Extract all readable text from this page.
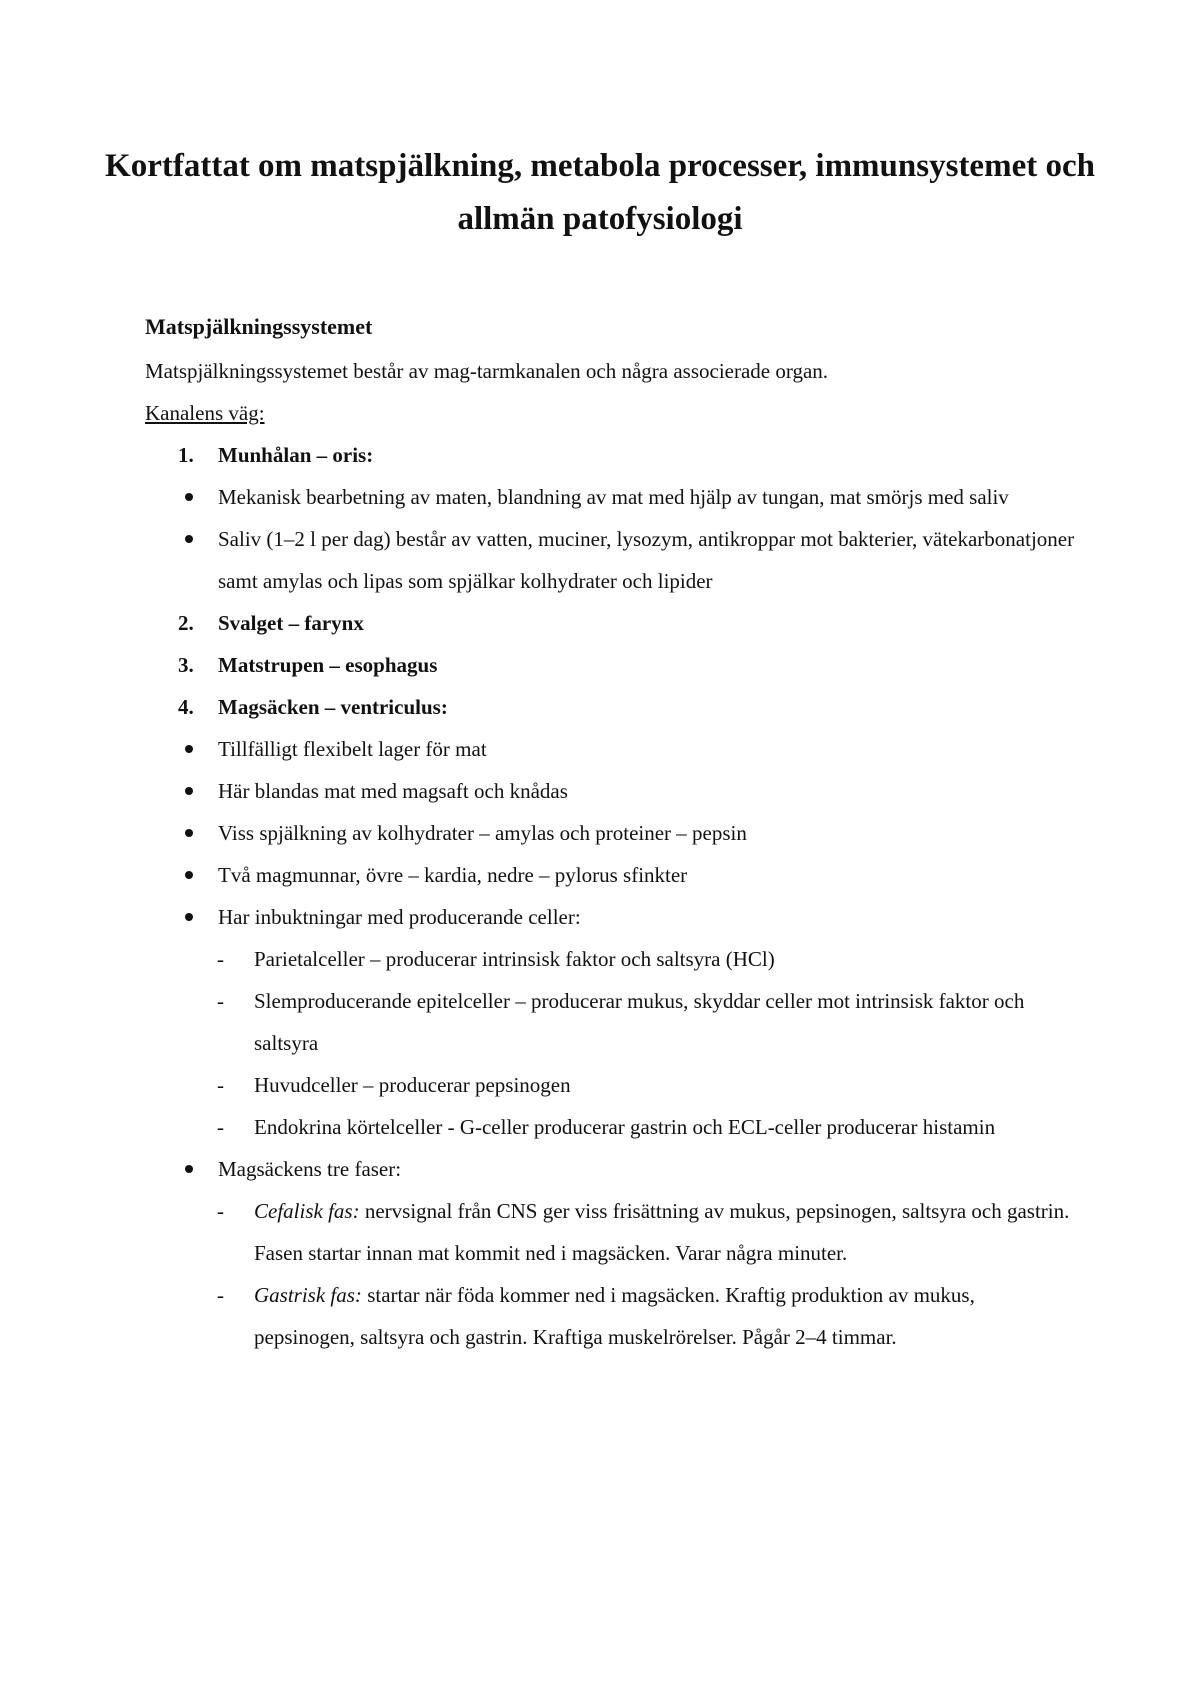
Kortfattat om matspjälkning, metabola processer, immunsystemet och
allmän patofysiologi

Matspjälkningssystemet

Matspjälkningssystemet består av mag-tarmkanalen och några associerade organ.

Kanalens väg:

1. Munhålan – oris:
Mekanisk bearbetning av maten, blandning av mat med hjälp av tungan, mat smörjs med saliv
Saliv (1–2 l per dag) består av vatten, muciner, lysozym, antikroppar mot bakterier, vätekarbonatjoner samt amylas och lipas som spjälkar kolhydrater och lipider
2. Svalget – farynx
3. Matstrupen – esophagus
4. Magsäcken – ventriculus:
Tillfälligt flexibelt lager för mat
Här blandas mat med magsaft och knådas
Viss spjälkning av kolhydrater – amylas och proteiner – pepsin
Två magmunnar, övre – kardia, nedre – pylorus sfinkter
Har inbuktningar med producerande celler:
- Parietalceller – producerar intrinsisk faktor och saltsyra (HCl)
- Slemproducerande epitelceller – producerar mukus, skyddar celler mot intrinsisk faktor och saltsyra
- Huvudceller – producerar pepsinogen
- Endokrina körtelceller - G-celler producerar gastrin och ECL-celler producerar histamin
Magsäckens tre faser:
- Cefalisk fas: nervsignal från CNS ger viss frisättning av mukus, pepsinogen, saltsyra och gastrin. Fasen startar innan mat kommit ned i magsäcken. Varar några minuter.
- Gastrisk fas: startar när föda kommer ned i magsäcken. Kraftig produktion av mukus, pepsinogen, saltsyra och gastrin. Kraftiga muskelrörelser. Pågår 2–4 timmar.
